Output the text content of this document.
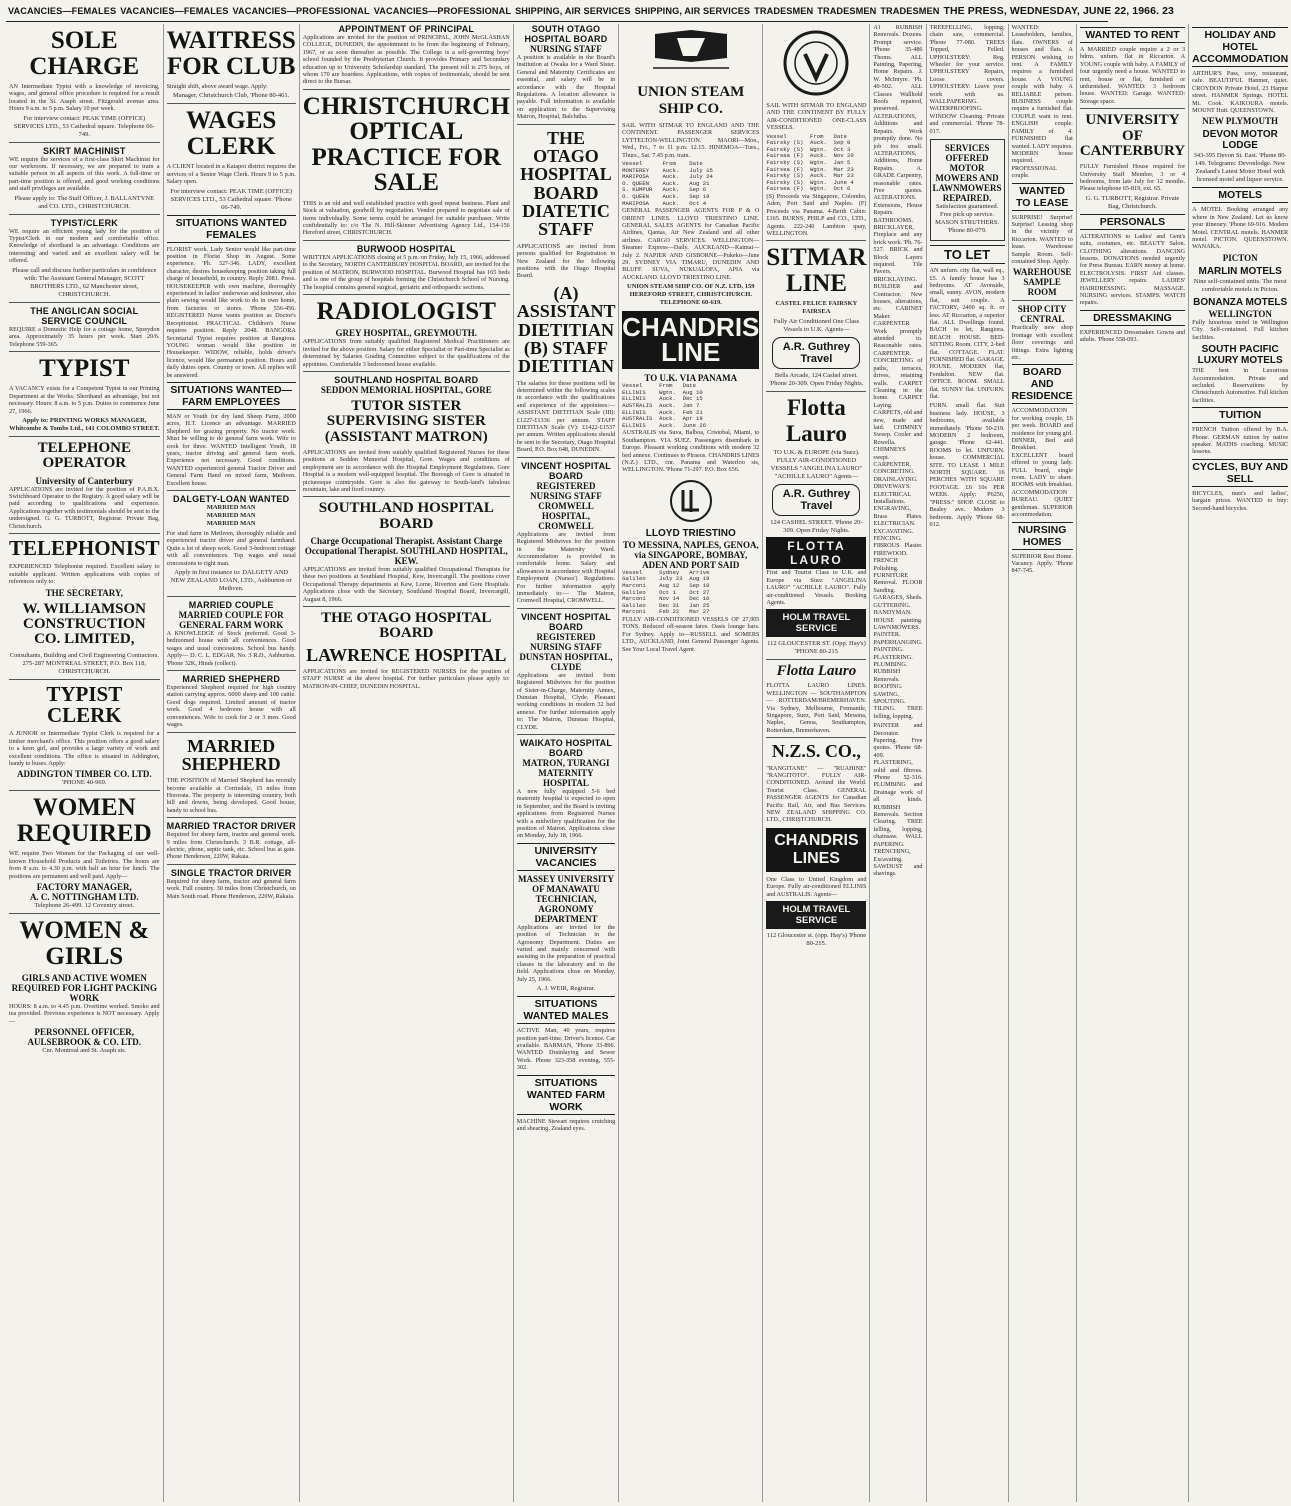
VACANCIES—FEMALES VACANCIES—FEMALES VACANCIES—PROFESSIONAL VACANCIES—PROFESSIONAL SHIPPING, AIR SERVICES SHIPPING, AIR SERVICES TRADESMEN TRADESMEN TRADESMEN THE PRESS, WEDNESDAY, JUNE 22, 1966. 23
SOLE CHARGE

AN Intermediate Typist with a knowledge of invoicing, wages, and general office procedure is required for a result located in the St. Asaph street. Fitzgerald avenue area. Hours 9 a.m. to 5 p.m. Salary 10 per week.

For interview contact: PEAK TIME (OFFICE) SERVICES LTD., 53 Cathedral square. Telephone 66-749.

SKIRT MACHINIST

WE require the services of a first-class Skirt Machinist for our workroom. If necessary, we are prepared to train a suitable person in all aspects of this work. A full-time or part-time position is offered, and good working conditions and staff privileges are available.

Please apply to: The Staff Officer, J. BALLANTYNE and CO. LTD., CHRISTCHURCH.

TYPIST/CLERK

WE require an efficient young lady for the position of Typist/Clerk in our modern and comfortable office. Knowledge of shorthand is an advantage. Conditions are interesting and varied and an excellent salary will be offered.

Please call and discuss further particulars in confidence with: The Assistant General Manager, SCOTT BROTHERS LTD., 62 Manchester street, CHRISTCHURCH.

THE ANGLICAN SOCIAL SERVICE COUNCIL

REQUIRE a Domestic Help for a cottage home, Spreydon area. Approximately 35 hours per week. Start 20/6. Telephone 559-365.

TYPIST

A VACANCY exists for a Competent Typist in our Printing Department at the Works. Shorthand an advantage, but not necessary. Hours: 8 a.m. to 5 p.m. Duties to commence June 27, 1966.

Apply to: PRINTING WORKS MANAGER, Whitcombe & Tombs Ltd., 141 COLOMBO STREET.

TELEPHONE OPERATOR
University of Canterbury

APPLICATIONS are invited for the position of P.A.B.X. Switchboard Operator to the Registry. A good salary will be paid according to qualifications and experience. Applications together with testimonials should be sent to the undersigned. G. G. TURBOTT, Registrar. Private Bag, Christchurch.

TELEPHONIST

EXPERIENCED Telephonist required. Excellent salary to suitable applicant. Written applications with copies of references only to:

THE SECRETARY,
W. WILLIAMSON CONSTRUCTION CO. LIMITED,

Consultants, Building and Civil Engineering Contractors. 275-287 MONTREAL STREET, P.O. Box 118, CHRISTCHURCH.

TYPIST CLERK

A JUNIOR or Intermediate Typist Clerk is required for a timber merchant's office. This position offers a good salary to a keen girl, and provides a large variety of work and excellent conditions. The office is situated in Addington, handy to buses. Apply:

ADDINGTON TIMBER CO. LTD.

'PHONE 40-969.

WOMEN REQUIRED

WE require Two Women for the Packaging of our well-known Household Products and Toiletries. The hours are from 8 a.m. to 4.30 p.m. with half an hour for lunch. The positions are permanent and well paid. Apply—

FACTORY MANAGER,
A. C. NOTTINGHAM LTD.

Telephone 26-499. 12 Coventry street.

WOMEN & GIRLS
GIRLS AND ACTIVE WOMEN REQUIRED FOR LIGHT PACKING WORK

HOURS: 8 a.m. to 4.45 p.m. Overtime worked. Smoko and tea provided. Previous experience is NOT necessary. Apply—

PERSONNEL OFFICER,
AULSEBROOK & CO. LTD.

Cnr. Montreal and St. Asaph sts.

WAITRESS FOR CLUB

Straight shift, above award wage. Apply:

Manager, Christchurch Club, 'Phone 80-461.

WAGES CLERK

A CLIENT located in a Kaiapoi district requires the services of a Senior Wage Clerk. Hours 9 to 5 p.m. Salary open.

For interview contact: PEAK TIME (OFFICE) SERVICES LTD., 53 Cathedral square. 'Phone 66-749.

SITUATIONS WANTED FEMALES

FLORIST work. Lady Senior would like part-time position in Florist Shop in August. Some experience. 'Ph. 327-346. LADY, excellent character, desires housekeeping position taking full charge of household, in country. Reply 2081. Press. HOUSEKEEPER with own machine, thoroughly experienced in ladies' underwear and knitwear, also plain sewing would like work to do in own home, from factories or stores. 'Phone 556-456. REGISTERED Nurse wants position as Doctor's Receptionist. PRACTICAL Children's Nurse requires position. Reply 2048. BANGORA Secretarial Typist requires position at Rangiora. YOUNG woman would like position in Housekeeper. WIDOW, reliable, holds driver's licence, would like permanent position. Hours and daily duties open. Country or town. All replies will be answered.

SITUATIONS WANTED—FARM EMPLOYEES

MAN or Youth for dry land Sheep Farm, 2000 acres, H.T. Licence an advantage. MARRIED Shepherd for grazing property. No tractor work. Must be willing to do general farm work. Wife to cook for three. WANTED Intelligent Youth, 18 years, tractor driving and general farm work. Experience not necessary. Good conditions. WANTED experienced general Tractor Driver and General Farm Hand on mixed farm, Methven. Excellent house.

DALGETY-LOAN WANTED

MARRIED MAN
MARRIED MAN
MARRIED MAN

For stud farm in Methven, thoroughly reliable and experienced tractor driver and general farmhand. Quite a lot of sheep work. Good 3-bedroom cottage with all conveniences. Top wages and usual concessions to right man.

Apply in first instance to: DALGETY AND NEW ZEALAND LOAN, LTD., Ashburton or Methven.

MARRIED COUPLE
MARRIED COUPLE FOR GENERAL FARM WORK

A KNOWLEDGE of Stock preferred. Good 3-bedroomed house with all conveniences. Good wages and usual concessions. School bus handy. Apply— D. C. L. EDGAR, No. 3 R.D., Ashburton. 'Phone 32K, Hinds (collect).

MARRIED SHEPHERD

Experienced Shepherd required for high country station carrying approx. 6000 sheep and 100 cattle. Good dogs required. Limited amount of tractor work. Good 4 bedroom house with all conveniences. Wife to cook for 2 or 3 men. Good wages.

MARRIED SHEPHERD

THE POSITION of Married Shepherd has recently become available at Corriedale, 15 miles from Hororata. The property is interesting country, both hill and downs, being developed. Good house, handy to school bus.

MARRIED TRACTOR DRIVER

Required for sheep farm, tractor and general work. 9 miles from Christchurch. 3 B.R. cottage, all-electric, phone, septic tank, etc. School bus at gate. Phone Henderson, 220W, Rakaia.

SINGLE TRACTOR DRIVER

Required for sheep farm, tractor and general farm work. Full country. 30 miles from Christchurch, on Main South road. Phone Henderson, 220W, Rakaia.

APPOINTMENT OF PRINCIPAL

Applications are invited for the position of PRINCIPAL, JOHN McGLASHAN COLLEGE, DUNEDIN, the appointment to be from the beginning of February, 1967, or as soon thereafter as possible. The College is a self-governing boys' school founded by the Presbyterian Church. It provides Primary and Secondary education up to University Scholarship standard. The present roll is 275 boys, of whom 170 are boarders. Applications, with copies of testimonials, should be sent direct to the Bursar.

CHRISTCHURCH OPTICAL PRACTICE FOR SALE

THIS is an old and well established practice with good repeat business. Plant and Stock at valuation, goodwill by negotiation. Vendor prepared to negotiate sale of items individually. Some terms could be arranged for suitable purchaser. Write confidentially to: c/o The N. Hill-Skinner Advertising Agency Ltd., 154-156 Hereford street, CHRISTCHURCH.

BURWOOD HOSPITAL

WRITTEN APPLICATIONS closing at 5 p.m. on Friday, July 15, 1966, addressed to the Secretary, NORTH CANTERBURY HOSPITAL BOARD, are invited for the position of MATRON, BURWOOD HOSPITAL. Burwood Hospital has 165 beds and is one of the group of hospitals forming the Christchurch School of Nursing. The hospital contains general surgical, geriatric and orthopaedic sections.

RADIOLOGIST
GREY HOSPITAL, GREYMOUTH.

APPLICATIONS from suitably qualified Registered Medical Practitioners are invited for the above position. Salary for either Specialist or Part-time Specialist as determined by Salaries Grading Committee subject to the qualifications of the appointee. Comfortable 3 bedroomed house available.

SOUTHLAND HOSPITAL BOARD
SEDDON MEMORIAL HOSPITAL, GORE
TUTOR SISTER SUPERVISING SISTER (ASSISTANT MATRON)

APPLICATIONS are invited from suitably qualified Registered Nurses for these positions at Seddon Memorial Hospital, Gore. Wages and conditions of employment are in accordance with the Hospital Employment Regulations. Gore Hospital is a modern well-equipped hospital. The Borough of Gore is situated in picturesque countryside. Gore is also the gateway to South-land's fabulous mountain, lake and fiord country.

SOUTHLAND HOSPITAL BOARD
Charge Occupational Therapist. Assistant Charge Occupational Therapist. SOUTHLAND HOSPITAL, KEW.

APPLICATIONS are invited from suitably qualified Occupational Therapists for these two positions at Southland Hospital, Kew, Invercargill. The positions cover Occupational Therapy departments at Kew, Lorne, Riverton and Gore Hospitals. Applications close with the Secretary, Southland Hospital Board, Invercargill, August 8, 1966.

THE OTAGO HOSPITAL BOARD
LAWRENCE HOSPITAL

APPLICATIONS are invited for REGISTERED NURSES for the position of STAFF NURSE at the above hospital. For further particulars please apply to: MATRON-IN-CHIEF, DUNEDIN HOSPITAL.

SOUTH OTAGO HOSPITAL BOARD
NURSING STAFF

A position is available in the Board's institution at Owaka for a Ward Sister. General and Maternity Certificates are essential, and salary will be in accordance with the Hospital Regulations. A location allowance is payable. Full information is available on application to the Supervising Matron, Hospital, Balclutha.

THE OTAGO HOSPITAL BOARD DIATETIC STAFF

APPLICATIONS are invited from persons qualified for Registration in New Zealand for the following positions with the Otago Hospital Board.

(A) ASSISTANT DIETITIAN (B) STAFF DIETITIAN

The salaries for these positions will be determined within the following scales in accordance with the qualifications and experience of the appointees:— ASSISTANT DIETITIAN Scale (III): £1227-£1336 per annum. STAFF DIETITIAN Scale (V): £1422-£1537 per annum. Written applications should be sent to the Secretary, Otago Hospital Board, P.O. Box 648, DUNEDIN.

VINCENT HOSPITAL BOARD
REGISTERED NURSING STAFF
CROMWELL HOSPITAL, CROMWELL

Applications are invited from Registered Midwives for the position in the Maternity Ward. Accommodation is provided in comfortable home. Salary and allowances in accordance with Hospital Employment (Nurses') Regulations. For further information apply immediately to:— The Matron, Cromwell Hospital, CROMWELL.

VINCENT HOSPITAL BOARD
REGISTERED NURSING STAFF
DUNSTAN HOSPITAL, CLYDE

Applications are invited from Registered Midwives for the position of Sister-in-Charge, Maternity Annex, Dunstan Hospital, Clyde. Pleasant working conditions in modern 32 bed annexe. For further information apply to: The Matron, Dunstan Hospital, CLYDE.

WAIKATO HOSPITAL BOARD
MATRON, TURANGI MATERNITY HOSPITAL

A new fully equipped 5-6 bed maternity hospital is expected to open in September, and the Board is inviting applications from Registered Nurses with a midwifery qualification for the position of Matron. Applications close on Monday, July 18, 1966.

UNIVERSITY VACANCIES
MASSEY UNIVERSITY OF MANAWATU
TECHNICIAN, AGRONOMY DEPARTMENT

Applications are invited for the position of Technician in the Agronomy Department. Duties are varied and mainly concerned with assisting in the preparation of practical classes in the laboratory and in the field. Applications close on Monday, July 25, 1966.

A. J. WEIR, Registrar.

SITUATIONS WANTED MALES

ACTIVE Man, 40 years, requires position part-time. Driver's licence. Car available. BARMAN, 'Phone 33-896. WANTED Drainlaying and Sewer Work. Phone 323-358 evening, 555-302.

SITUATIONS WANTED FARM WORK

MACHINE Stewart requires crutching and shearing. Zealand eyes.

UNION STEAM SHIP CO.

SAIL WITH SITMAR TO ENGLAND AND THE CONTINENT. PASSENGER SERVICES LYTTELTON-WELLINGTON. MAORI—Mon., Wed., Fri., 7 to 11 p.m. 12.15. HINEMOA—Tues., Thurs., Sat. 7.45 p.m. train.

Vessel      From    Date
MONTEREY    Auck.   July 15
MARIPOSA    Auck.   July 24
O. QUEEN    Auck.   Aug 21
S. KUMPUR   Auck.   Sep 6
O. QUEEN    Auck.   Sep 19
MARIPOSA    Auck.   Oct 4

GENERAL PASSENGER AGENTS FOR P & O ORIENT LINES. LLOYD TRIESTINO LINE. GENERAL SALES AGENTS for Canadian Pacific Airlines, Qantas, Air New Zealand and all other airlines. CARGO SERVICES. WELLINGTON—Steamer Express—Daily. AUCKLAND—Kaimai—July 2. NAPIER AND GISBORNE—Pukeko—June 29. SYDNEY VIA TIMARU, DUNEDIN AND BLUFF. SUVA, NUKUALOFA, APIA via AUCKLAND. LLOYD TRIESTINO LINE.

UNION STEAM SHIP CO. OF N.Z. LTD. 159 HEREFORD STREET, CHRISTCHURCH. TELEPHONE 60-619.

CHANDRIS LINE
TO U.K. VIA PANAMA
Vessel     From   Date
ELLINIS    Wgtn.  Aug 10
ELLINIS    Auck.  Dec 15
AUSTRALIS  Auck.  Jan 7
ELLINIS    Auck.  Feb 21
AUSTRALIS  Auck.  Apr 19
ELLINIS    Auck.  June 26

AUSTRALIS via Suva, Balboa, Cristobal, Miami, to Southampton. VIA SUEZ. Passengers disembark in Europe. Pleasant working conditions with modern 32 bed annexe. Continues to Piraeus. CHANDRIS LINES (N.Z.) LTD., cnr. Panama and Waterloo sts, WELLINGTON. 'Phone 71-297. P.O. Box 656.

LLOYD TRIESTINO
TO MESSINA, NAPLES, GENOA, via SINGAPORE, BOMBAY, ADEN AND PORT SAID
Vessel     Sydney   Arrive
Galileo    July 23  Aug 19
Marconi    Aug 12   Sep 10
Galileo    Oct 1    Oct 27
Marconi    Nov 14   Dec 10
Galileo    Dec 31   Jan 25
Marconi    Feb 22   Mar 27

FULLY AIR-CONDITIONED VESSELS OF 27,905 TONS. Reduced off-season fares. Oasis lounge bars. For Sydney. Apply to—RUSSELL and SOMERS LTD., AUCKLAND, Joint General Passenger Agents. See Your Local Travel Agent.

SAIL WITH SITMAR TO ENGLAND AND THE CONTINENT BY FULLY AIR-CONDITIONED ONE-CLASS VESSELS.

Vessel       From   Date
Fairsky (S)  Auck.  Sep 8
Fairsky (S)  Wgtn.  Oct 3
Fairsea (F)  Auck.  Nov 20
Fairsky (S)  Wgtn.  Jan 5
Fairsea (F)  Wgtn.  Mar 23
Fairsky (S)  Auck.  Mar 23
Fairsky (S)  Wgtn.  June 4
Fairsea (F)  Wgtn.  Oct 6

(S) Proceeds via Singapore, Colombo, Aden, Port Said and Naples. (F) Proceeds via Panama. 4-Berth Cabin: £165. BURNS, PHILP and CO., LTD., Agents. 222-240 Lambton quay, WELLINGTON.

SITMAR LINE

CASTEL FELICE FAIRSKY FAIRSEA

Fully Air Conditioned One Class Vessels to U.K. Agents—

A.R. Guthrey Travel

Bells Arcade, 124 Cashel street. 'Phone 20-309. Open Friday Nights.

Flotta Lauro

TO U.K. & EUROPE (via Suez). FULLY AIR-CONDITIONED VESSELS "ANGELINA LAURO" "ACHILLE LAURO" Agents—

A.R. Guthrey Travel

124 CASHEL STREET. 'Phone 20-309. Open Friday Nights.

FLOTTA LAURO

First and Tourist Class to U.K. and Europe via Suez "ANGELINA LAURO" "ACHILLE LAURO". Fully air-conditioned Vessels. Booking Agents.

HOLM TRAVEL SERVICE

112 GLOUCESTER ST. (Opp. Hay's) 'PHONE 80-215

Flotta Lauro

FLOTTA LAURO LINES. WELLINGTON — SOUTHAMPTON — ROTTERDAM/BREMERHAVEN. Via Sydney, Melbourne, Fremantle, Singapore, Suez, Port Said, Messina, Naples, Genoa, Southampton, Rotterdam, Bremerhaven.

N.Z.S. CO.,

"RANGITANE" — "RUAHINE" "RANGITOTO". FULLY AIR-CONDITIONED. Around the World. Tourist Class. GENERAL PASSENGER AGENTS for Canadian Pacific Rail, Air, and Bus Services. NEW ZEALAND SHIPPING CO. LTD., CHRISTCHURCH.

CHANDRIS LINES

One Class to United Kingdom and Europe. Fully air-conditioned ELLINIS and AUSTRALIS. Agents—

HOLM TRAVEL SERVICE

112 Gloucester st. (opp. Hay's) 'Phone 80-215.

A1 RUBBISH Removals. Dozens. Prompt service. 'Phone 35-486 Thoms. ALL Painting, Papering, Home Repairs. J. W. McIntyre. 'Ph. 40-502. ALL Classes Wallhold Roofs repaired, preserved. ALTERATIONS, Additions and Repairs. Work promptly done. No job too small. ALTERATIONS, Additions, Home Repairs. A. GRADE Carpentry, reasonable rates. Free quotes. ALTERATIONS. Extensions, House Repairs. BATHROOMS. BRICKLAYER, Fireplace and any brick work. 'Ph. 76-527. BRICK and Block Layers required. Tile Pavers. BRICKLAYING. BUILDER and Contractor. New houses, alterations, etc. CABINET Maker. CARPENTER Work promptly attended to. Reasonable rates. CARPENTER. CONCRETING of paths, terraces, drives, retaining walls. CARPET Cleaning in the home. CARPET Laying. CARPETS, old and new, made and laid. CHIMNEY Sweep. Cooler and Rowella. CHIMNEYS swept. CARPENTER. CONCRETING. DRAINLAYING. DRIVEWAYS. ELECTRICAL Installations. ENGRAVING, Brass Plates. ELECTRICIAN. EXCAVATING. FENCING. FIBROUS Plaster. FIREWOOD. FRENCH Polishing. FURNITURE Removal. FLOOR Sanding. GARAGES, Sheds. GUTTERING. HANDYMAN. HOUSE painting. LAWNMOWERS. PAINTER. PAPERHANGING. PAINTING. PLASTERING. PLUMBING. RUBBISH Removals. ROOFING. SAWING. SPOUTING. TILING. TREE felling, lopping.

PAINTER and Decorator. Papering. Free quotes. 'Phone 68-409. PLASTERING, solid and fibrous. 'Phone 52-316. PLUMBING and Drainage work of all kinds. RUBBISH Removals. Section Clearing. TREE felling, lopping, chainsaw. WALL PAPERING. TRENCHING, Excavating. SAWDUST and shavings.

TREEFELLING, lopping, chain saw, commercial. 'Phone 77-080. TREES Topped, Felled. UPHOLSTERY: Reg. Wheeler for your service. UPHOLSTERY Repairs, Loose covers. UPHOLSTERY: Leave your work with us. WALLPAPERING. WATERPROOFING. WINDOW Cleaning. Private and commercial. 'Phone 78-017.

SERVICES OFFERED MOTOR MOWERS AND LAWNMOWERS REPAIRED.

Satisfaction guaranteed. Free pick up service. MASON STRUTHERS. 'Phone 80-079.

TO LET

AN unfurn. city flat, wall eq., £5. A family house has 3 bedrooms. AT Avonside, small, sunny. AVON, modern flat, suit couple. A FACTORY, 2400 sq. ft. or less. AT Riccarton, a superior flat. ALL Dwellings found. BACH to let, Rangiora. BEACH HOUSE. BED-SITTING Room. CITY, 2-bed flat. COTTAGE. FLAT. FURNISHED flat. GARAGE. HOUSE. MODERN flat, Fendalton. NEW flat. OFFICE. ROOM. SMALL flat. SUNNY flat. UNFURN. flat.

FURN. small flat. Suit business lady. HOUSE, 3 bedrooms, available immediately. 'Phone 50-219. MODERN 2 bedroom, garage. 'Phone 62-441. ROOMS to let. UNFURN. house. COMMERCIAL SITE. TO LEASE 1 MILE NORTH SQUARE. 16 PERCHES WITH SQUARE FOOTAGE. £6 10s PER WEEK. Apply: P6256, "PRESS." SHOP. CLOSE to Bealey ave. Modern 3 bedroom. Apply 'Phone 68-012.

WANTED: Leaseholders, families, flats. OWNERS of houses and flats. A PERSON wishing to rent. A FAMILY requires a furnished house. A YOUNG couple with baby. A RELIABLE person. BUSINESS couple require a furnished flat. COUPLE want to rent. ENGLISH couple. FAMILY of 4. FURNISHED flat wanted. LADY requires. MODERN house required. PROFESSIONAL couple.

WANTED TO LEASE

SURPRISE! Surprise! Surprise! Leasing shop in the vicinity of Riccarton. WANTED to lease. Warehouse Sample Room. Self-contained Shop. Apply.

WAREHOUSE SAMPLE ROOM
SHOP CITY CENTRAL

Practically new shop frontage with excellent floor coverings and fittings. Extra lighting etc.

BOARD AND RESIDENCE

ACCOMMODATION for working couple, £6 per week. BOARD and residence for young girl. DINNER, Bed and Breakfast. EXCELLENT board offered to young lady. FULL board, single room. LADY to share. ROOMS with breakfast. ACCOMMODATION BUREAU. QUIET gentleman. SUPERIOR accommodation.

NURSING HOMES

SUPERIOR Rest Home. Vacancy. Apply. 'Phone 847-745.

WANTED TO RENT

A MARRIED couple require a 2 or 3 bdrm. unfurn. flat in Riccarton. A YOUNG couple with baby. A FAMILY of four urgently need a house. WANTED to rent, house or flat, furnished or unfurnished. WANTED: 3 bedroom house. WANTED: Garage. WANTED: Storage space.

UNIVERSITY OF CANTERBURY

FULLY Furnished House required for University Staff Member, 3 or 4 bedrooms, from late July for 12 months. Please telephone 65-819, ext. 65.

G. G. TURBOTT, Registrar. Private Bag, Christchurch.

PERSONALS

ALTERATIONS to Ladies' and Gent's suits, costumes, etc. BEAUTY Salon. CLOTHING alterations. DANCING lessons. DONATIONS needed urgently for Press Bureau. EARN money at home. ELECTROLYSIS. FIRST Aid classes. JEWELLERY repairs. LADIES' HAIRDRESSING. MASSAGE. NURSING services. STAMPS. WATCH repairs.

DRESSMAKING

EXPERIENCED Dressmaker. Gowns and adults. 'Phone 558-093.

HOLIDAY AND HOTEL ACCOMMODATION

ARTHUR'S Pass, cosy, restaurant, cafe. BEAUTIFUL Hanmer, quiet. CROYDON Private Hotel, 23 Harpur street. HANMER Springs. HOTEL Mt. Cook. KAIKOURA motels. MOUNT Hutt. QUEENSTOWN.

NEW PLYMOUTH
DEVON MOTOR LODGE

343-395 Devon St. East. 'Phone 80-149. Telegrams: Devonlodge. New Zealand's Latest Motor Hotel with licensed motel and liquor service.

MOTELS

A MOTEL Booking arranged any where in New Zealand. Let us know your itinerary. 'Phone 69-916. Modern Motel. CENTRAL motels. HANMER motel. PICTON. QUEENSTOWN. WANAKA.

PICTON
MARLIN MOTELS

Nine self-contained units. The most comfortable motels in Picton.

BONANZA MOTELS
WELLINGTON

Fully luxurious motel in Wellington City. Self-contained. Full kitchen facilities.

SOUTH PACIFIC LUXURY MOTELS

THE best in Luxurious Accommodation. Private and secluded. Reservations by Christchurch Automotive. Full kitchen facilities.

TUITION

FRENCH Tuition offered by B.A. Phone. GERMAN tuition by native speaker. MATHS coaching. MUSIC lessons.

CYCLES, BUY AND SELL

BICYCLES, men's and ladies', bargain prices. WANTED to buy: Second-hand bicycles.
